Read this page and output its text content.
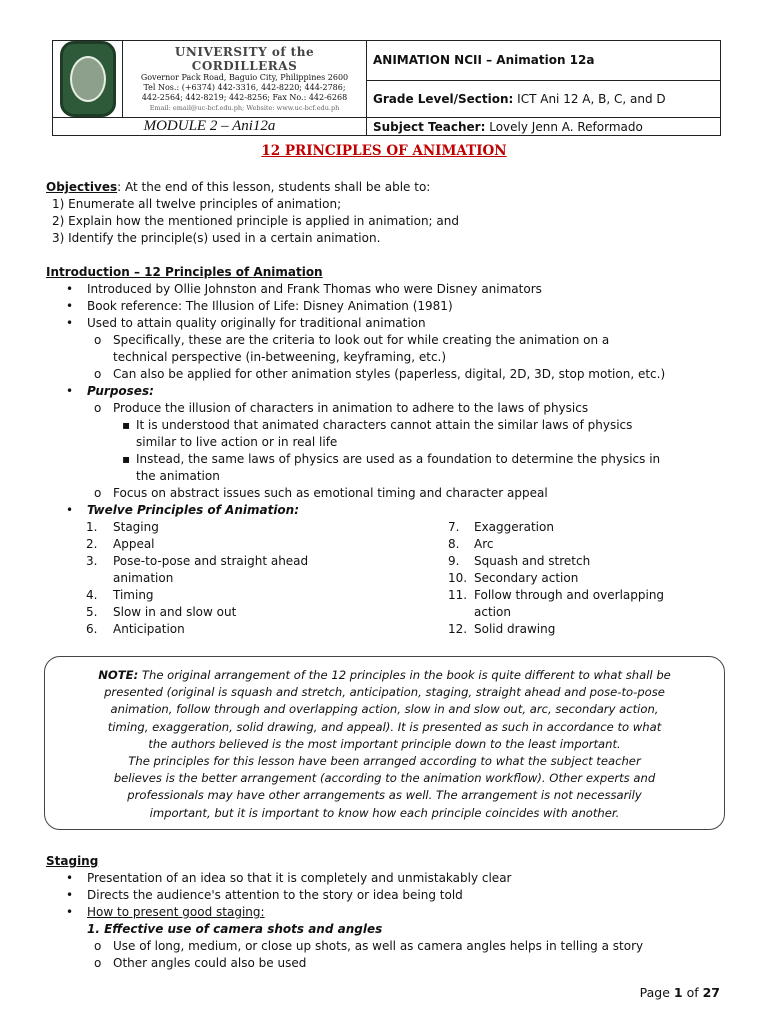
	UNIVERSITY of the CORDILLERAS
Governor Pack Road, Baguio City, Philippines 2600
Tel Nos.: (+6374) 442-3316, 442-8220; 444-2786;
442-2564; 442-8219; 442-8256; Fax No.: 442-6268
Email: email@uc-bcf.edu.ph; Website: www.uc-bcf.edu.ph	ANIMATION NCII – Animation 12a
		Grade Level/Section: ICT Ani 12 A, B, C, and D
MODULE 2 – Ani12a		Subject Teacher: Lovely Jenn A. Reformado
12 PRINCIPLES OF ANIMATION
Objectives: At the end of this lesson, students shall be able to:
1) Enumerate all twelve principles of animation;
2) Explain how the mentioned principle is applied in animation; and
3) Identify the principle(s) used in a certain animation.
Introduction – 12 Principles of Animation
• Introduced by Ollie Johnston and Frank Thomas who were Disney animators
• Book reference: The Illusion of Life: Disney Animation (1981)
• Used to attain quality originally for traditional animation
o Specifically, these are the criteria to look out for while creating the animation on a
technical perspective (in-betweening, keyframing, etc.)
o Can also be applied for other animation styles (paperless, digital, 2D, 3D, stop motion, etc.)
• Purposes:
o Produce the illusion of characters in animation to adhere to the laws of physics
▪ It is understood that animated characters cannot attain the similar laws of physics
similar to live action or in real life
▪ Instead, the same laws of physics are used as a foundation to determine the physics in
the animation
o Focus on abstract issues such as emotional timing and character appeal
• Twelve Principles of Animation:
• Presentation of an idea so that it is completely and unmistakably clear
• Directs the audience's attention to the story or idea being told
• How to present good staging:
1. Effective use of camera shots and angles
o Use of long, medium, or close up shots, as well as camera angles helps in telling a story
o Other angles could also be used
1. Staging
2. Appeal
3. Pose-to-pose and straight ahead
animation
4. Timing
5. Slow in and slow out
6. Anticipation
7. Exaggeration
8. Arc
9. Squash and stretch
10. Secondary action
11. Follow through and overlapping
action
12. Solid drawing
NOTE: The original arrangement of the 12 principles in the book is quite different to what shall be
presented (original is squash and stretch, anticipation, staging, straight ahead and pose-to-pose
animation, follow through and overlapping action, slow in and slow out, arc, secondary action,
timing, exaggeration, solid drawing, and appeal). It is presented as such in accordance to what
the authors believed is the most important principle down to the least important.
The principles for this lesson have been arranged according to what the subject teacher
believes is the better arrangement (according to the animation workflow). Other experts and
professionals may have other arrangements as well. The arrangement is not necessarily
important, but it is important to know how each principle coincides with another.
Staging
Page 1 of 27
